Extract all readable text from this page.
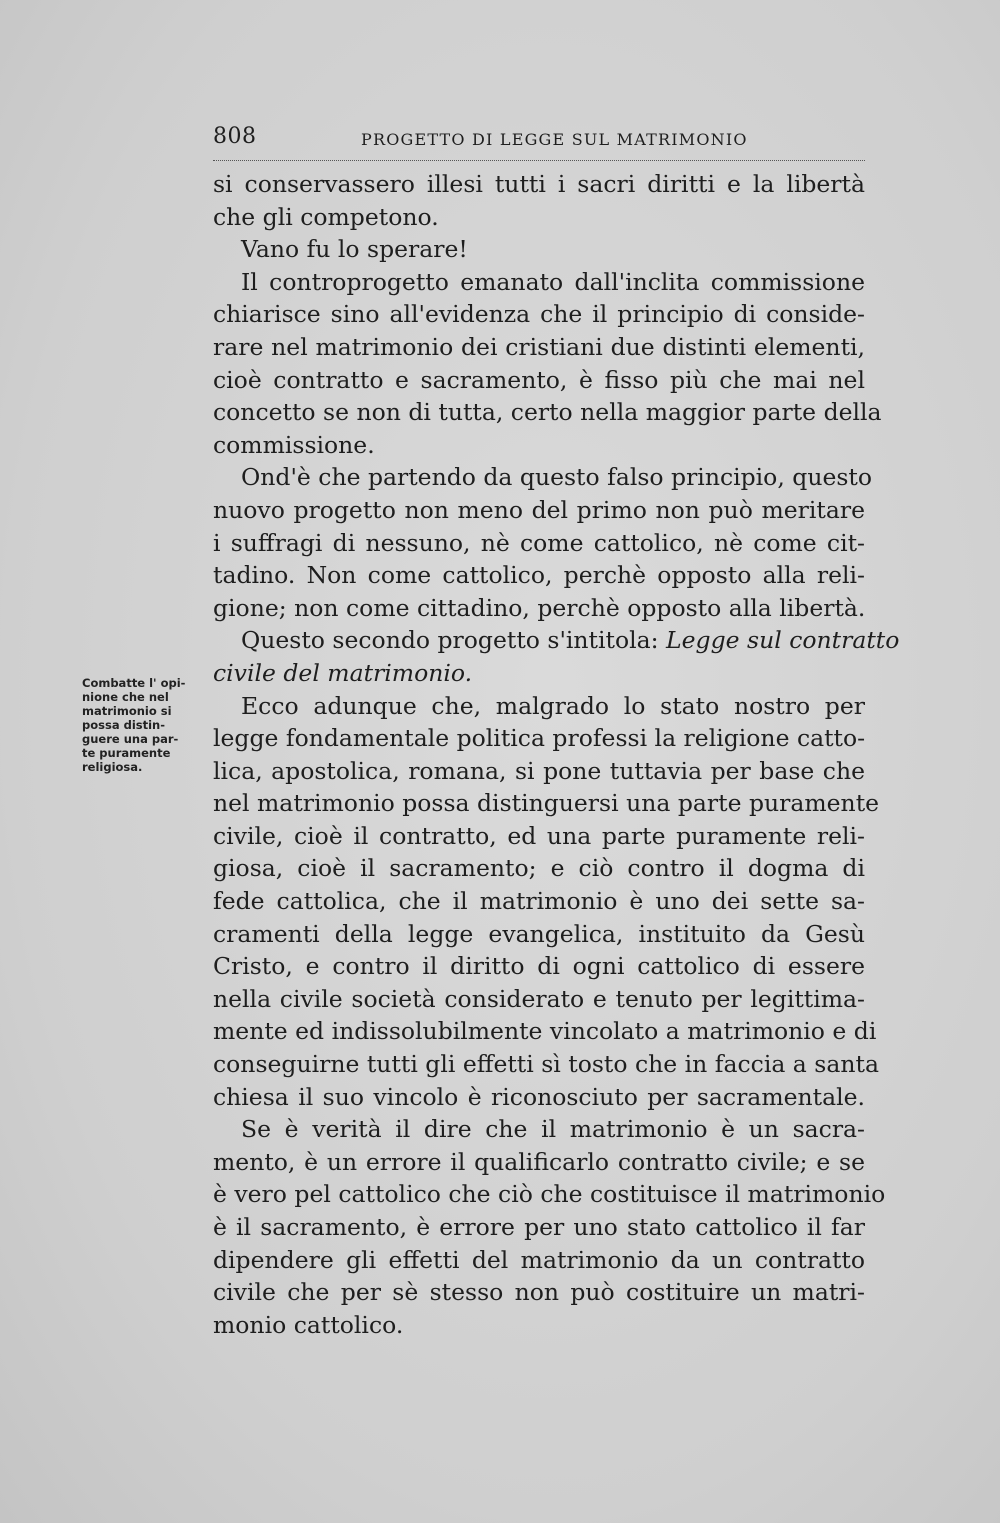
808	PROGETTO DI LEGGE SUL MATRIMONIO
Combatte l' opi-
nione che nel
matrimonio si
possa distin-
guere una par-
te puramente
religiosa.
si conservassero illesi tutti i sacri diritti e la libertà
che gli competono.
Vano fu lo sperare!
Il controprogetto emanato dall'inclita commissione
chiarisce sino all'evidenza che il principio di conside-
rare nel matrimonio dei cristiani due distinti elementi,
cioè contratto e sacramento, è fisso più che mai nel
concetto se non di tutta, certo nella maggior parte della
commissione.
Ond'è che partendo da questo falso principio, questo
nuovo progetto non meno del primo non può meritare
i suffragi di nessuno, nè come cattolico, nè come cit-
tadino. Non come cattolico, perchè opposto alla reli-
gione; non come cittadino, perchè opposto alla libertà.
Questo secondo progetto s'intitola: Legge sul contratto
civile del matrimonio.
Ecco adunque che, malgrado lo stato nostro per
legge fondamentale politica professi la religione catto-
lica, apostolica, romana, si pone tuttavia per base che
nel matrimonio possa distinguersi una parte puramente
civile, cioè il contratto, ed una parte puramente reli-
giosa, cioè il sacramento; e ciò contro il dogma di
fede cattolica, che il matrimonio è uno dei sette sa-
cramenti della legge evangelica, instituito da Gesù
Cristo, e contro il diritto di ogni cattolico di essere
nella civile società considerato e tenuto per legittima-
mente ed indissolubilmente vincolato a matrimonio e di
conseguirne tutti gli effetti sì tosto che in faccia a santa
chiesa il suo vincolo è riconosciuto per sacramentale.
Se è verità il dire che il matrimonio è un sacra-
mento, è un errore il qualificarlo contratto civile; e se
è vero pel cattolico che ciò che costituisce il matrimonio
è il sacramento, è errore per uno stato cattolico il far
dipendere gli effetti del matrimonio da un contratto
civile che per sè stesso non può costituire un matri-
monio cattolico.
